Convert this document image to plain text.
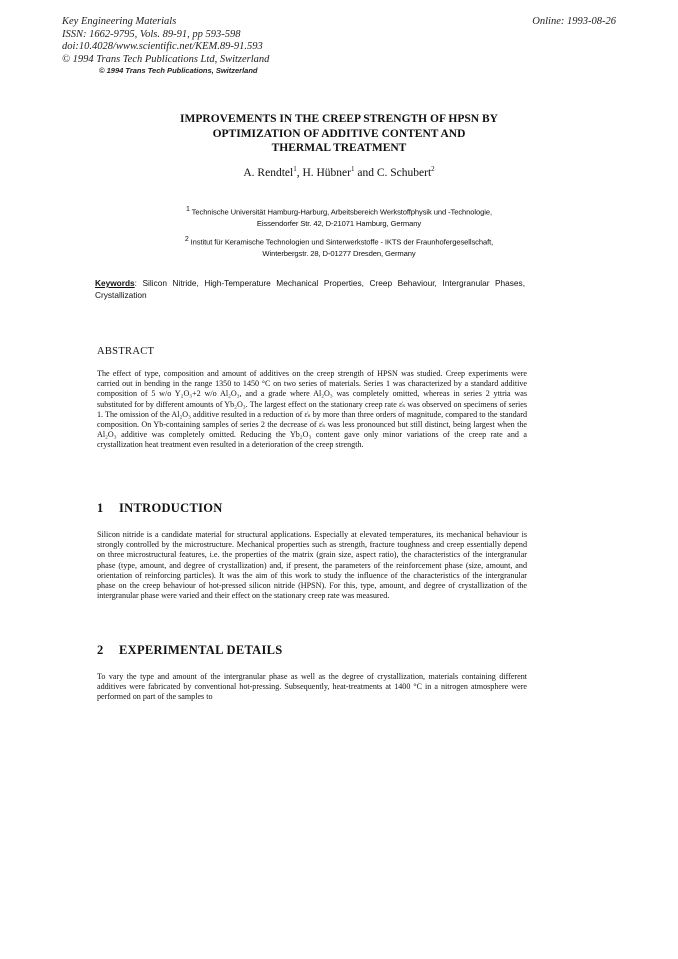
Key Engineering Materials
ISSN: 1662-9795, Vols. 89-91, pp 593-598
doi:10.4028/www.scientific.net/KEM.89-91.593
© 1994 Trans Tech Publications Ltd, Switzerland
Online: 1993-08-26
© 1994 Trans Tech Publications, Switzerland
IMPROVEMENTS IN THE CREEP STRENGTH OF HPSN BY
OPTIMIZATION OF ADDITIVE CONTENT AND
THERMAL TREATMENT
A. Rendtel$^1$, H. Hübner$^1$ and C. Schubert$^2$
$^1$ Technische Universität Hamburg-Harburg, Arbeitsbereich Werkstoffphysik und -Technologie,
Eissendorfer Str. 42, D-21071 Hamburg, Germany
$^2$ Institut für Keramische Technologien und Sinterwerkstoffe - IKTS der Fraunhofergesellschaft,
Winterbergstr. 28, D-01277 Dresden, Germany
Keywords: Silicon Nitride, High-Temperature Mechanical Properties, Creep Behaviour, Intergranular Phases, Crystallization
ABSTRACT
The effect of type, composition and amount of additives on the creep strength of HPSN was studied. Creep experiments were carried out in bending in the range 1350 to 1450 °C on two series of materials. Series 1 was characterized by a standard additive composition of 5 w/o Y₂O₃+2 w/o Al₂O₃, and a grade where Al₂O₃ was completely omitted, whereas in series 2 yttria was substituted for by different amounts of Yb₂O₃. The largest effect on the stationary creep rate ε̇ₛ was observed on specimens of series 1. The omission of the Al₂O₃ additive resulted in a reduction of ε̇ₛ by more than three orders of magnitude, compared to the standard composition. On Yb-containing samples of series 2 the decrease of ε̇ₛ was less pronounced but still distinct, being largest when the Al₂O₃ additive was completely omitted. Reducing the Yb₂O₃ content gave only minor variations of the creep rate and a crystallization heat treatment even resulted in a deterioration of the creep strength.
1 INTRODUCTION
Silicon nitride is a candidate material for structural applications. Especially at elevated temperatures, its mechanical behaviour is strongly controlled by the microstructure. Mechanical properties such as strength, fracture toughness and creep essentially depend on three microstructural features, i.e. the properties of the matrix (grain size, aspect ratio), the characteristics of the intergranular phase (type, amount, and degree of crystallization) and, if present, the parameters of the reinforcement phase (size, amount, and orientation of reinforcing particles). It was the aim of this work to study the influence of the characteristics of the intergranular phase on the creep behaviour of hot-pressed silicon nitride (HPSN). For this, type, amount, and degree of crystallization of the intergranular phase were varied and their effect on the stationary creep rate was measured.
2 EXPERIMENTAL DETAILS
To vary the type and amount of the intergranular phase as well as the degree of crystallization, materials containing different additives were fabricated by conventional hot-pressing. Subsequently, heat-treatments at 1400 °C in a nitrogen atmosphere were performed on part of the samples to
